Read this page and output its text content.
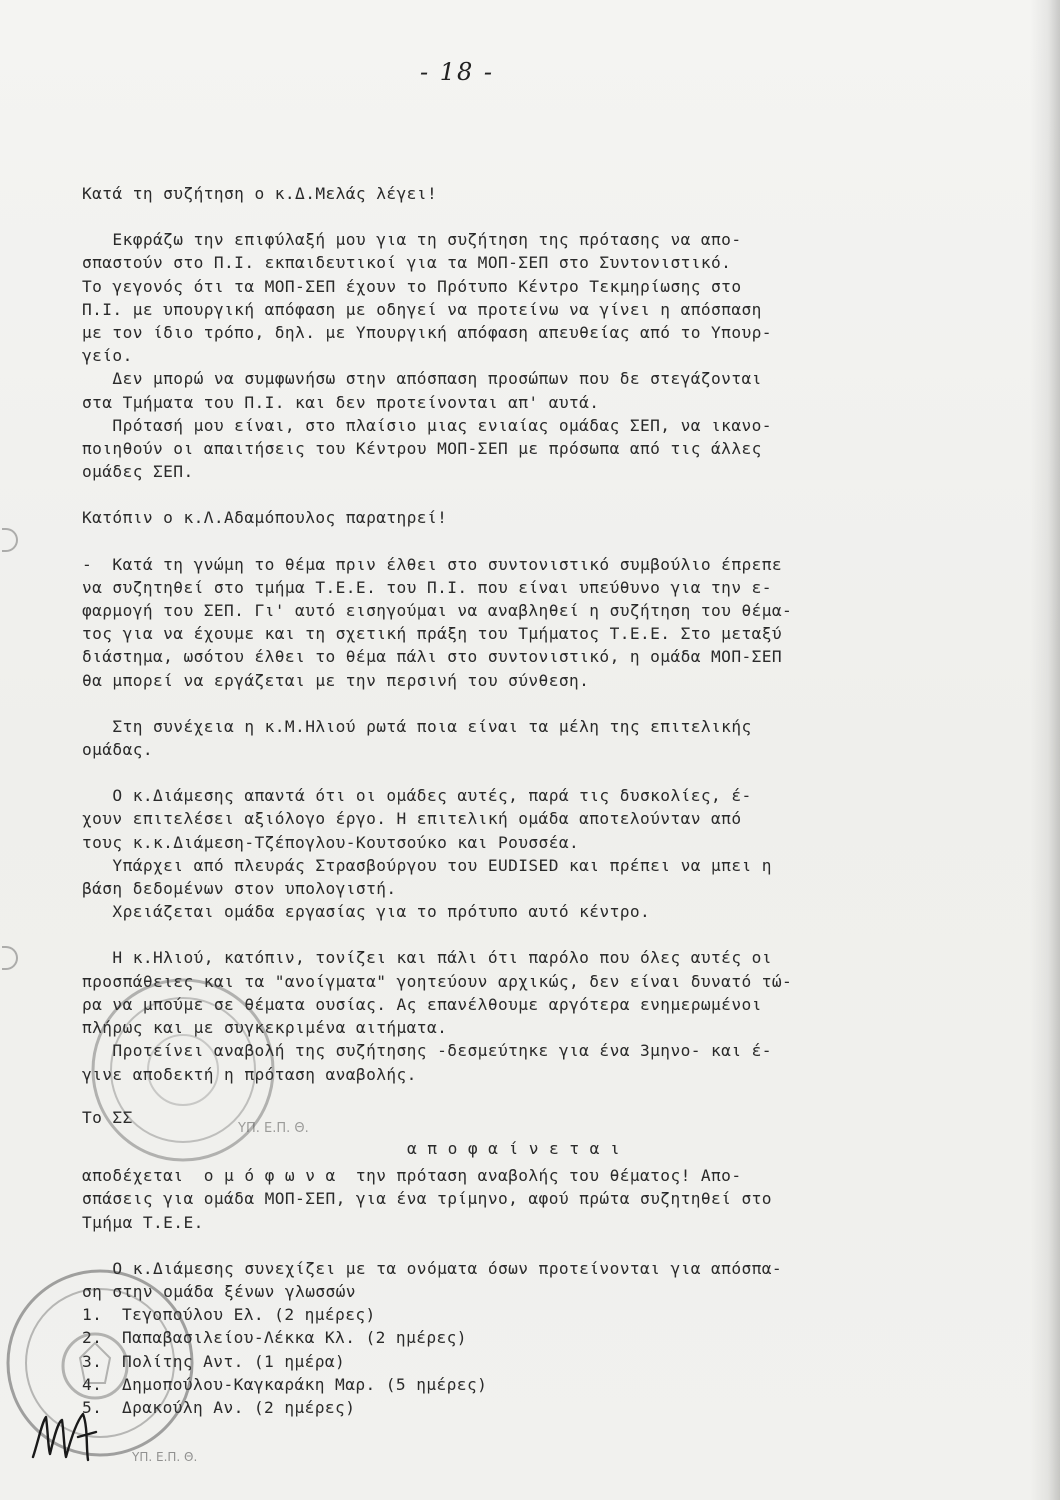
- 18 -

Κατά τη συζήτηση ο κ.Δ.Μελάς λέγει!

Εκφράζω την επιφύλαξή μου για τη συζήτηση της πρότασης να απο-

σπαστούν στο Π.Ι. εκπαιδευτικοί για τα ΜΟΠ-ΣΕΠ στο Συντονιστικό.

Το γεγονός ότι τα ΜΟΠ-ΣΕΠ έχουν το Πρότυπο Κέντρο Τεκμηρίωσης στο

Π.Ι. με υπουργική απόφαση με οδηγεί να προτείνω να γίνει η απόσπαση

με τον ίδιο τρόπο, δηλ. με Υπουργική απόφαση απευθείας από το Υπουρ-

γείο.

Δεν μπορώ να συμφωνήσω στην απόσπαση προσώπων που δε στεγάζονται

στα Τμήματα του Π.Ι. και δεν προτείνονται απ' αυτά.

Πρότασή μου είναι, στο πλαίσιο μιας ενιαίας ομάδας ΣΕΠ, να ικανο-

ποιηθούν οι απαιτήσεις του Κέντρου ΜΟΠ-ΣΕΠ με πρόσωπα από τις άλλες

ομάδες ΣΕΠ.

Κατόπιν ο κ.Λ.Αδαμόπουλος παρατηρεί!

-  Κατά τη γνώμη το θέμα πριν έλθει στο συντονιστικό συμβούλιο έπρεπε

να συζητηθεί στο τμήμα Τ.Ε.Ε. του Π.Ι. που είναι υπεύθυνο για την ε-

φαρμογή του ΣΕΠ. Γι' αυτό εισηγούμαι να αναβληθεί η συζήτηση του θέμα-

τος για να έχουμε και τη σχετική πράξη του Τμήματος Τ.Ε.Ε. Στο μεταξύ

διάστημα, ωσότου έλθει το θέμα πάλι στο συντονιστικό, η ομάδα ΜΟΠ-ΣΕΠ

θα μπορεί να εργάζεται με την περσινή του σύνθεση.

Στη συνέχεια η κ.Μ.Ηλιού ρωτά ποια είναι τα μέλη της επιτελικής

ομάδας.

Ο κ.Διάμεσης απαντά ότι οι ομάδες αυτές, παρά τις δυσκολίες, έ-

χουν επιτελέσει αξιόλογο έργο. Η επιτελική ομάδα αποτελούνταν από

τους κ.κ.Διάμεση-Τζέπογλου-Κουτσούκο και Ρουσσέα.

Υπάρχει από πλευράς Στρασβούργου του EUDISED και πρέπει να μπει η

βάση δεδομένων στον υπολογιστή.

Χρειάζεται ομάδα εργασίας για το πρότυπο αυτό κέντρο.

Η κ.Ηλιού, κατόπιν, τονίζει και πάλι ότι παρόλο που όλες αυτές οι

προσπάθειες και τα "ανοίγματα" γοητεύουν αρχικώς, δεν είναι δυνατό τώ-

ρα να μπούμε σε θέματα ουσίας. Ας επανέλθουμε αργότερα ενημερωμένοι

πλήρως και με συγκεκριμένα αιτήματα.

Προτείνει αναβολή της συζήτησης -δεσμεύτηκε για ένα 3μηνο- και έ-

γινε αποδεκτή η πρόταση αναβολής.

Το ΣΣ

α π ο φ α ί ν ε τ α ι

αποδέχεται  ο μ ό φ ω ν α  την πρόταση αναβολής του θέματος! Απο-

σπάσεις για ομάδα ΜΟΠ-ΣΕΠ, για ένα τρίμηνο, αφού πρώτα συζητηθεί στο

Τμήμα Τ.Ε.Ε.

Ο κ.Διάμεσης συνεχίζει με τα ονόματα όσων προτείνονται για απόσπα-

ση στην ομάδα ξένων γλωσσών

1.	Τεγοπούλου Ελ. (2 ημέρες)
2.	Παπαβασιλείου-Λέκκα Κλ. (2 ημέρες)
3.	Πολίτης Αντ. (1 ημέρα)
4.	Δημοπούλου-Καγκαράκη Μαρ. (5 ημέρες)
5.	Δρακούλη Αν. (2 ημέρες)
ΥΠ. Ε.Π. Θ.
ΥΠ. Ε.Π. Θ.
